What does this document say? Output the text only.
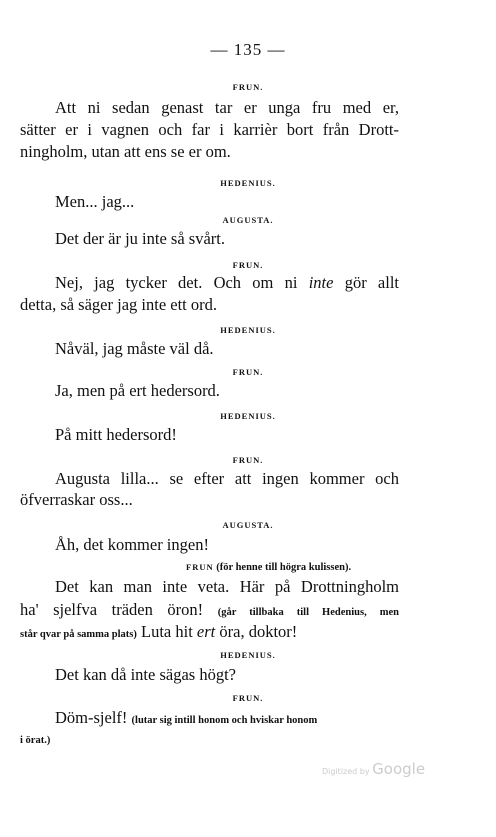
— 135 —
FRUN.
Att ni sedan genast tar er unga fru med er,
sätter er i vagnen och far i karrièr bort från Drott-
ningholm, utan att ens se er om.
HEDENIUS.
Men... jag...
AUGUSTA.
Det der är ju inte så svårt.
FRUN.
Nej, jag tycker det. Och om ni inte gör allt
detta, så säger jag inte ett ord.
HEDENIUS.
Nåväl, jag måste väl då.
FRUN.
Ja, men på ert hedersord.
HEDENIUS.
På mitt hedersord!
FRUN.
Augusta lilla... se efter att ingen kommer och
öfverraskar oss...
AUGUSTA.
Åh, det kommer ingen!
FRUN (för henne till högra kulissen).
Det kan man inte veta. Här på Drottningholm
ha' sjelfva träden öron! (går tillbaka till Hedenius, men
står qvar på samma plats) Luta hit ert öra, doktor!
HEDENIUS.
Det kan då inte sägas högt?
FRUN.
Döm-sjelf! (lutar sig intill honom och hviskar honom
i örat.)
Digitized by Google
